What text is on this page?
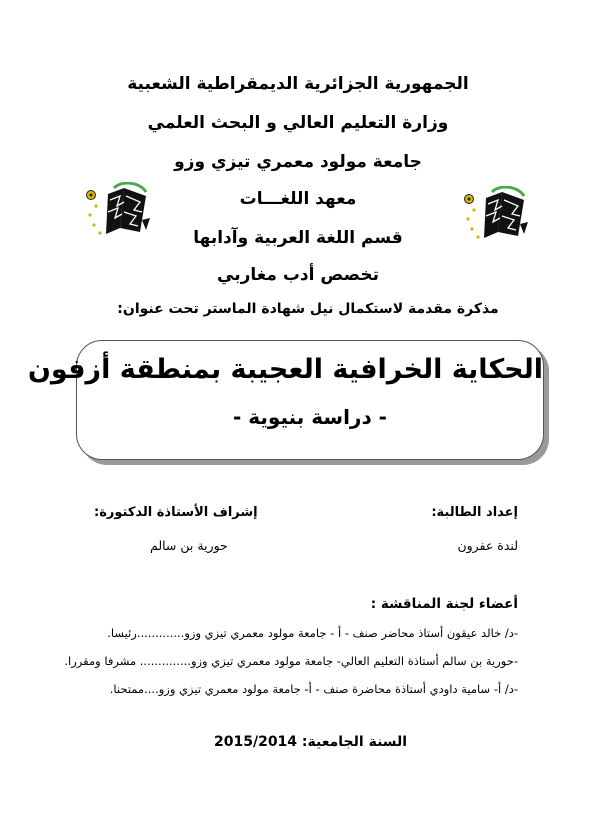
الجمهورية الجزائرية الديمقراطية الشعبية
وزارة التعليم العالي و البحث العلمي
جامعة مولود معمري تيزي وزو
معهد اللغـــات
قسم اللغة العربية وآدابها
تخصص أدب مغاربي
مذكرة مقدمة لاستكمال نيل شهادة الماستر تحت عنوان:
الحكاية الخرافية العجيبة بمنطقة أزفون
- دراسة بنيوية -
إعداد الطالبة:
لندة عفرون
إشراف الأستاذة الدكتورة:
حورية بن سالم
أعضاء لجنة المناقشة :
-د/ خالد عيقون أستاذ محاضر صنف - أ - جامعة مولود معمري تيزي وزو.............رئيسا.
-حورية بن سالم أستاذة التعليم العالي- جامعة مولود معمري تيزي وزو.............. مشرفا ومقررا.
-د/ أ- سامية داودي أستاذة محاضرة صنف - أ- جامعة مولود معمري تيزي وزو....ممتحنا.
السنة الجامعية: 2015/2014
